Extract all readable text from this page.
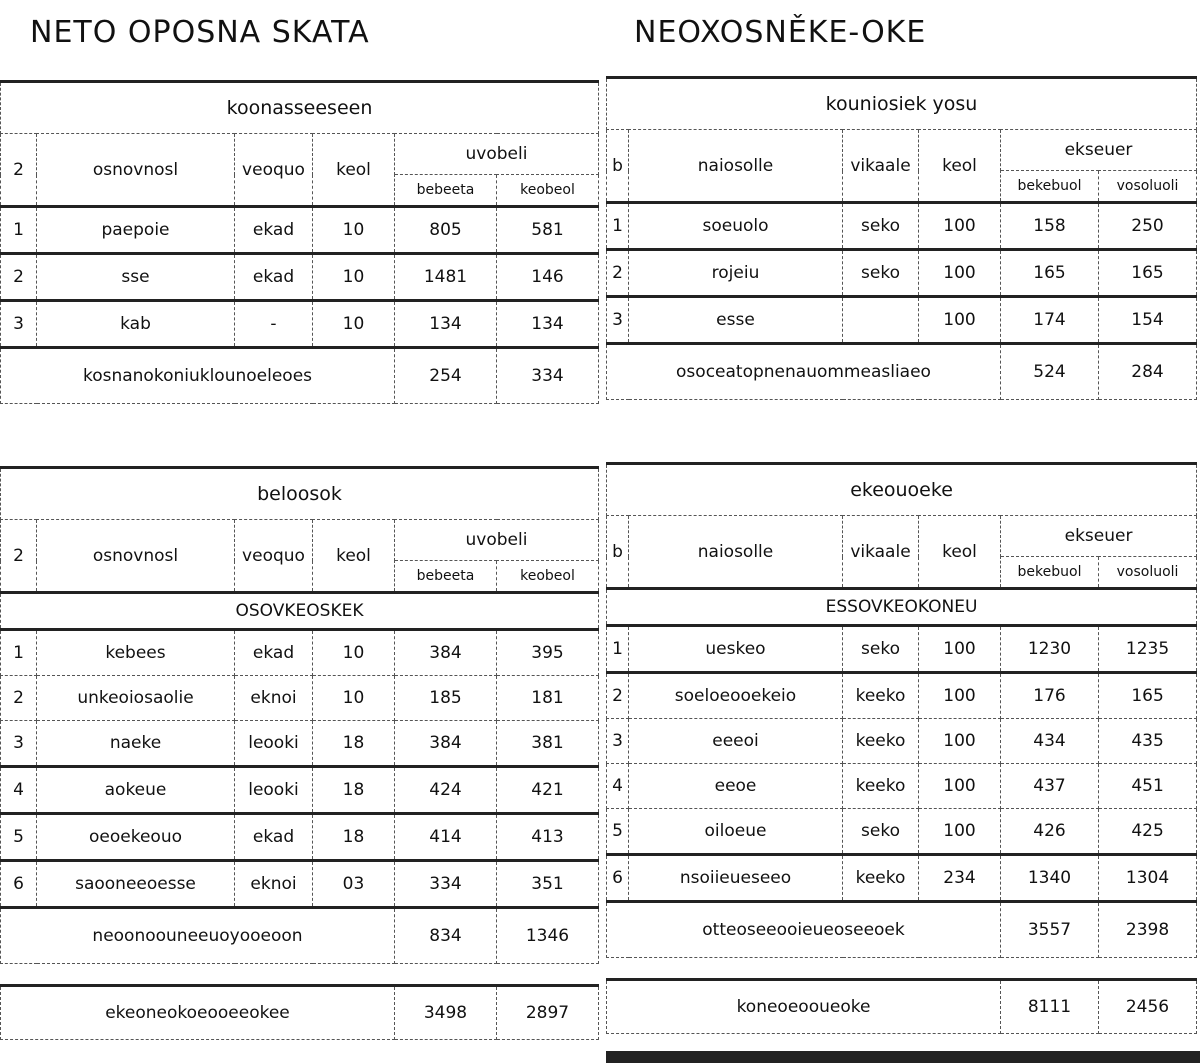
NETO OPOSNA SKATA	NEOXOSNĚKE-OKE
koonasseeseen					
2	osnovnosl	veoquo	keol	uvobeli	
				bebeeta	keobeol
1	paepoie	ekad	10	805	581
2	sse	ekad	10	1481	146
3	kab	-	10	134	134
kosnanokoniuklounoeleoes				254	334
kouniosiek yosu					
b	naiosolle	vikaale	keol	ekseuer	
				bekebuol	vosoluoli
1	soeuolo	seko	100	158	250
2	rojeiu	seko	100	165	165
3	esse		100	174	154
osoceatopnenauommeasliaeo				524	284
beloosok					
2	osnovnosl	veoquo	keol	uvobeli	
				bebeeta	keobeol
OSOVKEOSKEK					
1	kebees	ekad	10	384	395
2	unkeoiosaolie	eknoi	10	185	181
3	naeke	leooki	18	384	381
4	aokeue	leooki	18	424	421
5	oeoekeouo	ekad	18	414	413
6	saooneeoesse	eknoi	03	334	351
neoonoouneeuoyooeoon				834	1346
ekeoneokoeooeeokee	3498	2897
ekeouoeke					
b	naiosolle	vikaale	keol	ekseuer	
				bekebuol	vosoluoli
ESSOVKEOKONEU					
1	ueskeo	seko	100	1230	1235
2	soeloeooekeio	keeko	100	176	165
3	eeeoi	keeko	100	434	435
4	eeoe	keeko	100	437	451
5	oiloeue	seko	100	426	425
6	nsoiieueseeo	keeko	234	1340	1304
otteoseeooieueoseeoek				3557	2398
koneoeooueoke	8111	2456
